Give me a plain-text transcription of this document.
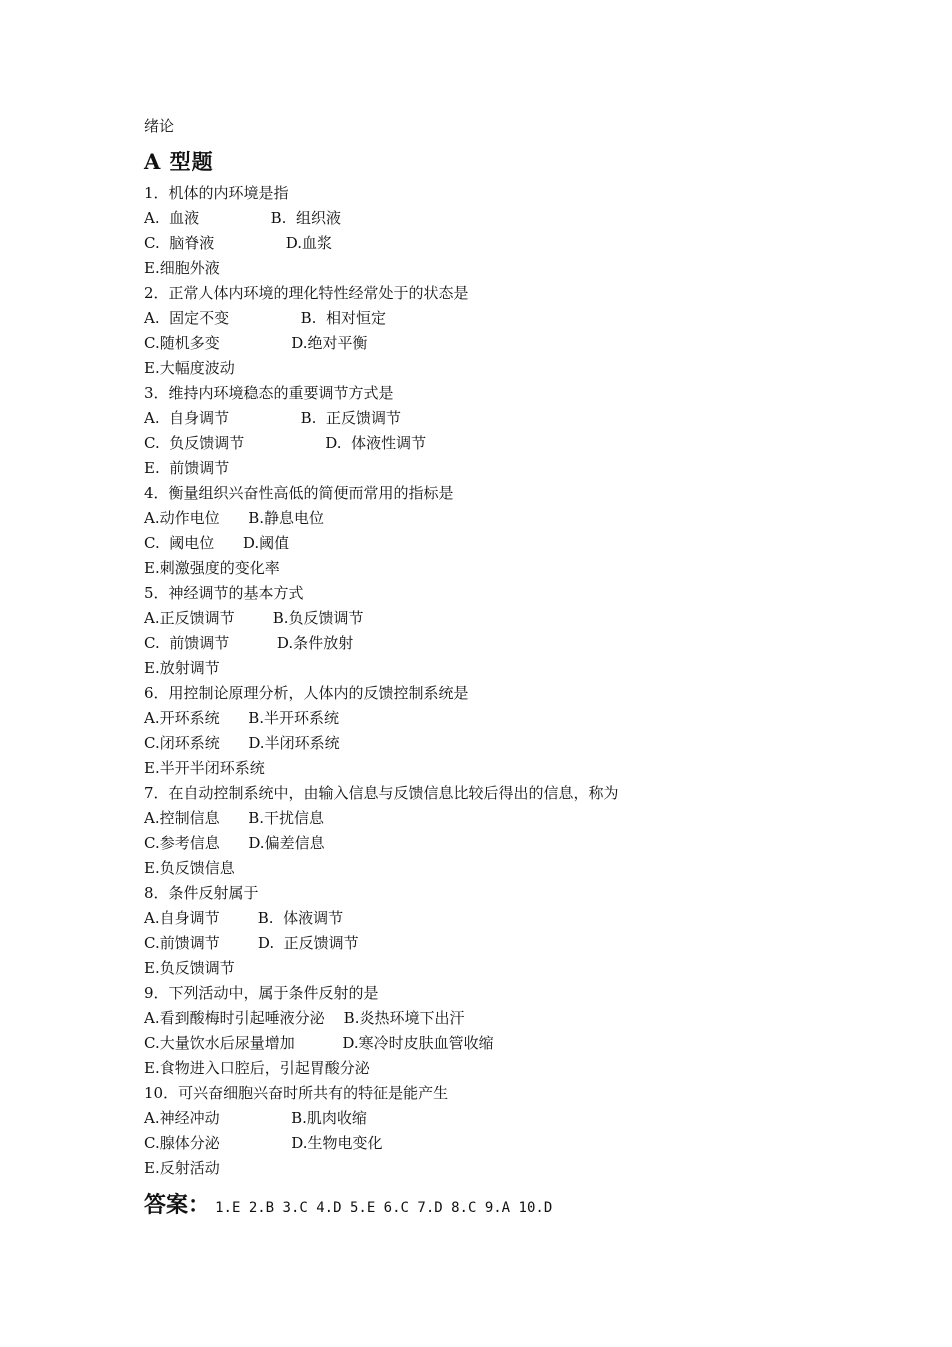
绪论
A 型题
1．机体的内环境是指
A.  血液               B.  组织液
C.  脑脊液               D.血浆
E.细胞外液
2．正常人体内环境的理化特性经常处于的状态是
A.  固定不变               B.  相对恒定
C.随机多变               D.绝对平衡
E.大幅度波动
3．维持内环境稳态的重要调节方式是
A.  自身调节               B.  正反馈调节
C.  负反馈调节                 D.  体液性调节
E.  前馈调节
4．衡量组织兴奋性高低的简便而常用的指标是
A.动作电位      B.静息电位
C.  阈电位      D.阈值
E.刺激强度的变化率
5．神经调节的基本方式
A.正反馈调节        B.负反馈调节
C.  前馈调节          D.条件放射
E.放射调节
6．用控制论原理分析，人体内的反馈控制系统是
A.开环系统      B.半开环系统
C.闭环系统      D.半闭环系统
E.半开半闭环系统
7．在自动控制系统中，由输入信息与反馈信息比较后得出的信息，称为
A.控制信息      B.干扰信息
C.参考信息      D.偏差信息
E.负反馈信息
8．条件反射属于
A.自身调节        B.  体液调节
C.前馈调节        D.  正反馈调节
E.负反馈调节
9．下列活动中，属于条件反射的是
A.看到酸梅时引起唾液分泌    B.炎热环境下出汗
C.大量饮水后尿量增加          D.寒冷时皮肤血管收缩
E.食物进入口腔后，引起胃酸分泌
10．可兴奋细胞兴奋时所共有的特征是能产生
A.神经冲动               B.肌肉收缩
C.腺体分泌               D.生物电变化
E.反射活动
答案： 1.E 2.B 3.C 4.D 5.E 6.C 7.D 8.C 9.A 10.D
